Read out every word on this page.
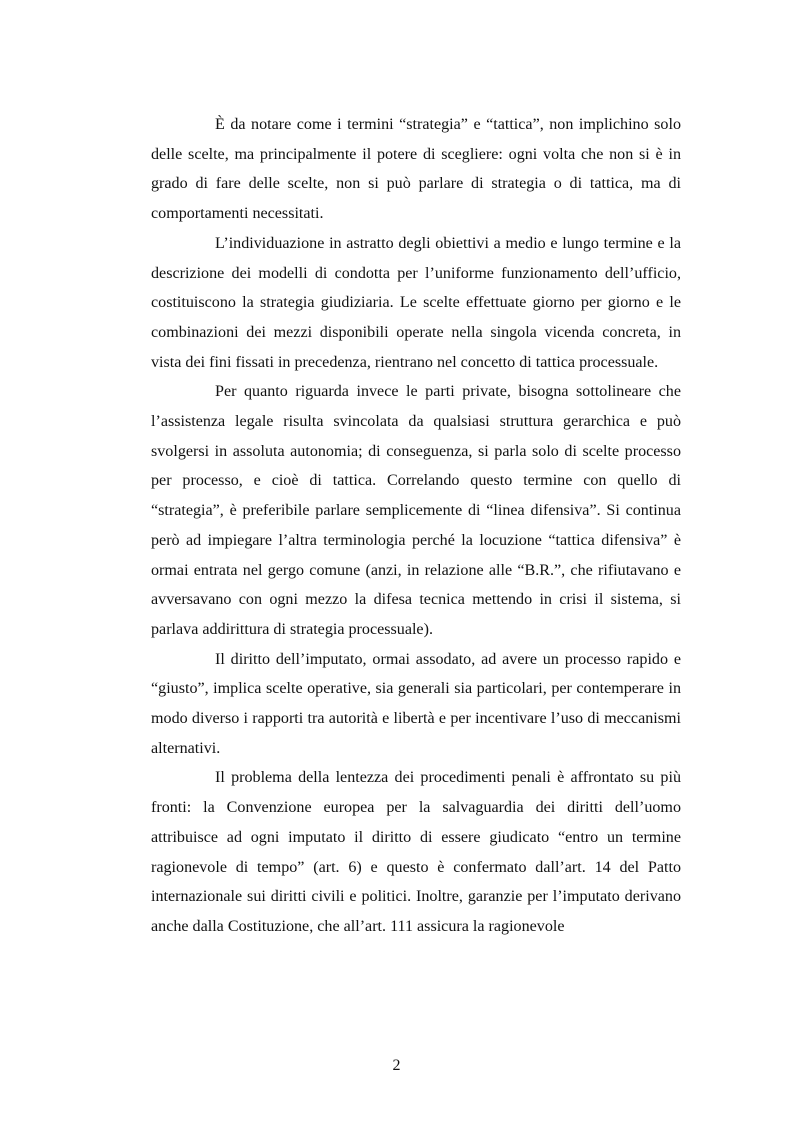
È da notare come i termini “strategia” e “tattica”, non implichino solo delle scelte, ma principalmente il potere di scegliere: ogni volta che non si è in grado di fare delle scelte, non si può parlare di strategia o di tattica, ma di comportamenti necessitati.

L’individuazione in astratto degli obiettivi a medio e lungo termine e la descrizione dei modelli di condotta per l’uniforme funzionamento dell’ufficio, costituiscono la strategia giudiziaria. Le scelte effettuate giorno per giorno e le combinazioni dei mezzi disponibili operate nella singola vicenda concreta, in vista dei fini fissati in precedenza, rientrano nel concetto di tattica processuale.

Per quanto riguarda invece le parti private, bisogna sottolineare che l’assistenza legale risulta svincolata da qualsiasi struttura gerarchica e può svolgersi in assoluta autonomia; di conseguenza, si parla solo di scelte processo per processo, e cioè di tattica. Correlando questo termine con quello di “strategia”, è preferibile parlare semplicemente di “linea difensiva”. Si continua però ad impiegare l’altra terminologia perché la locuzione “tattica difensiva” è ormai entrata nel gergo comune (anzi, in relazione alle “B.R.”, che rifiutavano e avversavano con ogni mezzo la difesa tecnica mettendo in crisi il sistema, si parlava addirittura di strategia processuale).

Il diritto dell’imputato, ormai assodato, ad avere un processo rapido e “giusto”, implica scelte operative, sia generali sia particolari, per contemperare in modo diverso i rapporti tra autorità e libertà e per incentivare l’uso di meccanismi alternativi.

Il problema della lentezza dei procedimenti penali è affrontato su più fronti: la Convenzione europea per la salvaguardia dei diritti dell’uomo attribuisce ad ogni imputato il diritto di essere giudicato “entro un termine ragionevole di tempo” (art. 6) e questo è confermato dall’art. 14 del Patto internazionale sui diritti civili e politici. Inoltre, garanzie per l’imputato derivano anche dalla Costituzione, che all’art. 111 assicura la ragionevole

2
